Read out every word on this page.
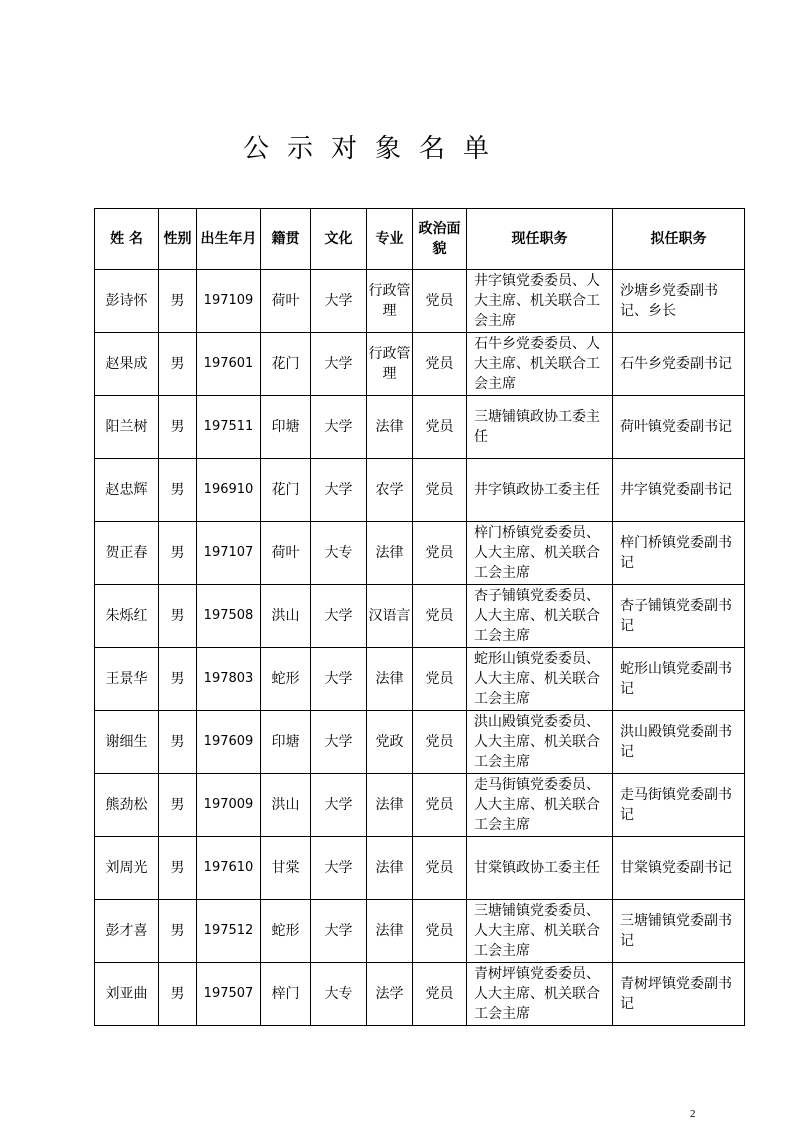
公示对象名单
姓 名	性别	出生年月	籍贯	文化	专业	政治面貌	现任职务	拟任职务
彭诗怀	男	197109	荷叶	大学	行政管理	党员	井字镇党委委员、人大主席、机关联合工会主席	沙塘乡党委副书记、乡长
赵果成	男	197601	花门	大学	行政管理	党员	石牛乡党委委员、人大主席、机关联合工会主席	石牛乡党委副书记
阳兰树	男	197511	印塘	大学	法律	党员	三塘铺镇政协工委主任	荷叶镇党委副书记
赵忠辉	男	196910	花门	大学	农学	党员	井字镇政协工委主任	井字镇党委副书记
贺正春	男	197107	荷叶	大专	法律	党员	梓门桥镇党委委员、人大主席、机关联合工会主席	梓门桥镇党委副书记
朱烁红	男	197508	洪山	大学	汉语言	党员	杏子铺镇党委委员、人大主席、机关联合工会主席	杏子铺镇党委副书记
王景华	男	197803	蛇形	大学	法律	党员	蛇形山镇党委委员、人大主席、机关联合工会主席	蛇形山镇党委副书记
谢细生	男	197609	印塘	大学	党政	党员	洪山殿镇党委委员、人大主席、机关联合工会主席	洪山殿镇党委副书记
熊劲松	男	197009	洪山	大学	法律	党员	走马街镇党委委员、人大主席、机关联合工会主席	走马街镇党委副书记
刘周光	男	197610	甘棠	大学	法律	党员	甘棠镇政协工委主任	甘棠镇党委副书记
彭才喜	男	197512	蛇形	大学	法律	党员	三塘铺镇党委委员、人大主席、机关联合工会主席	三塘铺镇党委副书记
刘亚曲	男	197507	梓门	大专	法学	党员	青树坪镇党委委员、人大主席、机关联合工会主席	青树坪镇党委副书记
2
